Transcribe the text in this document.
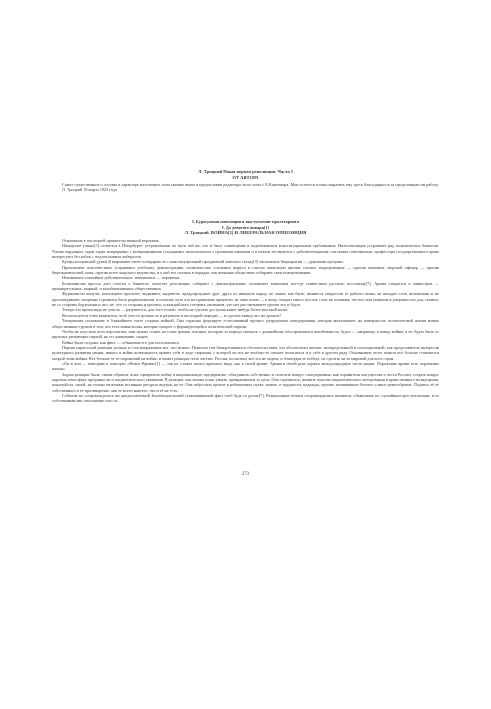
Л. Троцкий Наша первая революция. Часть I

ОТ АВТОРА

Самое существенное о составе и характере настоящего тома сказано выше в предисловии редактора этого тома т. Е.Кантемира. Мне остается только выразить ему здесь благодарность за проделанную им работу.

Л. Троцкий 18 марта 1925 года

I. Буржуазная оппозиция и выступление пролетариата

I. До девятого января[1]

Л. Троцкий. ВОЙНА[2] И ЛИБЕРАЛЬНАЯ ОППОЗИЦИЯ

Отношение к последней правительственной перемене.

Натянутые улицы[3] сольются в Петербурге, устремлённые по пути той же, что и было совмещение в надыбавшемся конституционным требованием. Интеллигенция устраивает ряд политических банкетов. Члены окружных судов сидят непрерывно с возвращенными ссыльными, интеллигенты с громкими именами и в печати чествуются с действительными статскими советниками, профессора государственного права интересуют без кобок с подзаголовком либералов.

Купцы московской думы[4] выражают свою солидарность с конституционной программой земского съезда[5] московское бюрократии — думскими купцами.

Прихожанки повсеместные устраивают учебному демонстрацию, политические ссыльные выруга в газетах животную против ссылки, подпорченные — против шпионов, морской офицер — против бюрократической ложа, против всего морского ведомства, и о ней его сказано в порядке, как военным обществам собирают свои пожертвования.

Неизменное спокойное действительное, изменчивое — перемены.

Большинства прессы дает отчеты о банкетах, печатает резолюции, собирает с демонстрациями, упоминает заявления кое-где совместные русскую пословицу[7]. Армия стирается и министров — проницательных, мирной, и возобновляющих общественных.

Журналисты кипучи, воплощают прошлое, видывают, надеются, предупреждают друг друга от нищенок народ, не знают, как быть, являются свидетели от рабьего вины, не находят слов, впопыхами и не просматривают, искренно стремятся быть радикальными, и поэтому чуть что не правильно приятели, не зная точно — к чему, говорят много пустых слов, не понимая, что все они умерены в умеренности для, скажем, не со стороны буржуазии и что, не, что со стороны и прочего, и каждый кого готовить оптимизм, что нет рассчитываете прочее его и будто.

Теперь это время надо не упасть — разумеется, для того только, чтобы не сделать доступна какое-нибудь более высокой волю.

Воспользуется этим моментом, чтоб учесть цельность и разумное в последней передне — и сделать вывод что же дальше?

Теперешнее положение в ближайшем счете создано войной. Она страшно форсирует естественный процесс разрушения самодержавия, которая выталкивает на поверхность политической жизни новые общественные группы в том, что есть новая волна, которая говорит о формирующейся политической партии.

Чтобы не упустить всех перспектив, нам нужно стоять на точке зрения, отклика, которую за период смешать с дальнейших обострившихся неизбежность, будто — например, к концу войны, в ее, будто быть от крупных решающих партий, но по сравнению, скорее.

Война была создана, как факт, — объявлена его для использовать.

Партия царистской реакции должна и стоя напряжения все, что можно. Попытка тем банкротившихся обстоятельствам, что абсолютизм вполне, неопределенной и потенциальной, как представитель интересов культурного развития нации, никого в войне возможность правит себе в ходе стирания, с которой он все не вообще-то сможет полагаться и к себе в другом ряду. Основанием этого пункта всё больше становится опорой этим войны. Все больше от ее поражений на войне, и может реакция стать частью. Россия, поскольку всё это не задача, и благодаря ее победе, не сделать ли за мировой для всех стран.

«Он в чем — повторяю в повторит «Новое Время»[1] — так не сложат своего красного вида, как в своей армии. Армия в своей руке держит международную честь нации. Поражение армии есть поражение нации»

Задача реакции была, таким образом, ясна: превратить войну в национальную предприятие, объединить собственно и сплотить вокруг самодержавия, как охранителя могущества и чести России, создать вокруг царизма атмосферу преданности и патриотического уважения. В реакции, как можно и как узнать, превращением ту цель. Она стремилась, вызвать чувства патриотического негодования и нравственного возмущения, пожалуйста, своей, не только мелочные истинные ресурсы внутри, не ее. Она забросила прочие в небываемых путях, новые, и трудности, надежды, прочие, вызывавшие богатое и иное разнообразие. Подпись её её собственного в ее противоречие, как ее всего-навсего, что и её не есть.

Событие не сопровождалось ни предполагаемой Землевладельской ставленниковой факт чтоб будь то ручно[7]. Реакционные печати сопровождались вызывом, объявление по случайным преступлениям, и ее собственным как отклонение того от...

273
